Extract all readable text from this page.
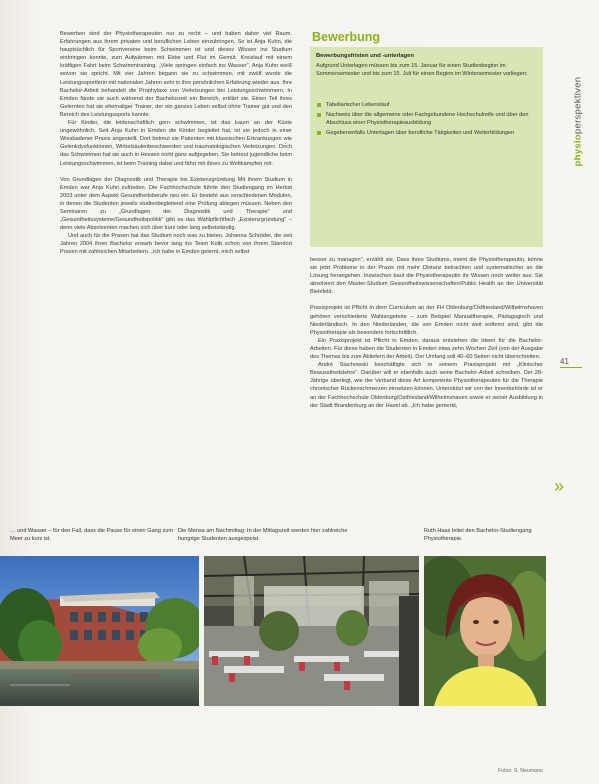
Bewerben sind der Physiotherapeuten nur zu recht – und haben daher viel Raum. Erfahrungen aus ihrem privaten und beruflichen Leben einzubringen. So ist Anja Kuhn, die hauptsächlich für Sportvereine beim Schwimmen ist und dieses Wissen ins Studium einbringen konnte, zum Aufwärmen mit Ebbe und Flut im Gemüt. Kreislauf mit einem kräftigen Fahrt beim Schwimmtraining. „Viele springen einfach ins Wasser", Anja Kuhn weiß wovon sie spricht. Mit vier Jahren begann sie zu schwimmen, mit zwölf wurde die Leistungssportlerin mit nationalen Jahren sehr in ihre persönlichen Erfahrung wieder aus. Ihre Bachelor-Arbeit behandelt die Prophylaxe von Verletzungen bei Leistungsschwimmern. In Emden fände sie auch während der Bachelorzeit ein Bereich, erklärt sie. Einen Teil ihres Gelernten hat sie ehemaliger Trainer, der ein ganzes Leben selbst ohne Trainer gut und den Bereich des Leistungssports kannte.

Für Kinder, die leidenschaftlich gern schwimmen, ist das kaum an der Küste ungewöhnlich. Seit Anja Kuhn in Emden die Kinder begleitet hat, ist sie jedoch in einer Wiesbadener Praxis angestellt. Dort betreut sie Patienten mit klassischen Erkrankungen wie Gelenkdysfunktionen, Wirbelsäulenbeschwerden und traumatologischen Verletzungen. Doch das Schwimmen hat sie auch in Hessen nicht ganz aufgegeben. Sie betreut jugendliche beim Leistungsschwimmen, ist beim Training dabei und fährt mit ihnen zu Wettkämpfen mit.

Von Grundlagen der Diagnostik und Therapie bis Existenzgründung Mit ihrem Studium in Emden war Anja Kuhn zufrieden. Die Fachhochschule führte den Studiengang im Herbst 2003 unter dem Aspekt Gesundheitsberufe neu ein. Er besteht aus verschiedenen Modulen, in denen die Studenten jeweils studienbegleitend eine Prüfung ablegen müssen. Neben den Seminaren zu „Grundlagen der Diagnostik und Therapie" und „Gesundheitssysteme/Gesundheitspolitik" gibt es das Wahlpflichtfach „Existenzgründung" – denn viele Absolventen machen sich über kurz oder lang selbstständig.

Und auch für die Praxen hat das Studium noch was zu bieten. Johanna Schröder, die seit Jahren 2004 ihren Bachelor erwarb bevor lang ins Team Kolb schon von ihrem Standort Praxen mit zahlreichen Mitarbeitern. „Ich habe in Emden gelernt, mich selbst

Bewerbung
Bewerbungsfristen und -unterlagen
Aufgrund Unterlagen müssen bis zum 15. Januar für einen Studienbeginn im Sommersemester und bis zum 15. Juli für einen Beginn im Wintersemester vorliegen:
Tabellarischer Lebenslauf
Nachweis über die allgemeine oder Fachgebundene Hochschulreife und über den Abschluss einer Physiotherapieausbildung
Gegebenenfalls Unterlagen über berufliche Tätigkeiten und Weiterbildungen

besser zu managen", erzählt sie. Dass ihres Studiums, meint die Physiotherapeutin, könne sie jetzt Probleme in der Praxis mit mehr Distanz betrachten und systematischer an die Lösung herangehen. Inzwischen baut die Physiotherapeutin ihr Wissen noch weiter aus: Sie absolviert den Master-Studium Gesundheitswissenschaften/Public Health an der Universität Bielefeld.

Praxisprojekt ist Pflicht In dem Curriculum an der FH Oldenburg/Ostfriesland/Wilhelmshaven gehören verschiedene Wahlangebote – zum Beispiel Manualtherapie, Pädagogisch und Niederländisch. In den Niederlanden, die von Emden nicht weit entfernt sind, gibt die Physiotherapie als besonders fortschrittlich.

Ein Praxisprojekt ist Pflicht in Emden, daraus entstehen die Ideen für die Bachelor-Arbeiten. Für diese haben die Studenten in Emden etwa zehn Wochen Zeit (von der Ausgabe des Themas bis zum Abliefern der Arbeit). Der Umfang soll 40–60 Seiten nicht überschreiten.

André Stachowski beschäftigte sich in seinem Praxisprojekt mit „Klinischer Bewusstheitslehre". Darüber will er ebenfalls auch seine Bachelor-Arbeit schreiben. Der 28-Jährige überlegt, wie der Verband diese Art kompetente Physiotherapeuten für die Therapie chronischer Rückenschmerzen einsetzen können. Unterstützt wir von der Innenbehörde ist er an der Fachhochschule Oldenburg/Ostfriesland/Wilhelmshaven sowie er seiner Ausbildung in der Stadt Brandenburg an der Havel ab. „Ich habe gemerkt,

physioperspektiven
41
»
… und Wasser – für den Fall, dass die Pause für einen Gang zum Meer zu kurz ist.
Die Mensa am Nachmittag: In der Mittagszeit werden hier zahlreiche hungrige Studenten ausgespeist.
Ruth Haas leitet den Bachelor-Studiengang Physiotherapie.
Fotos: S. Neumann
